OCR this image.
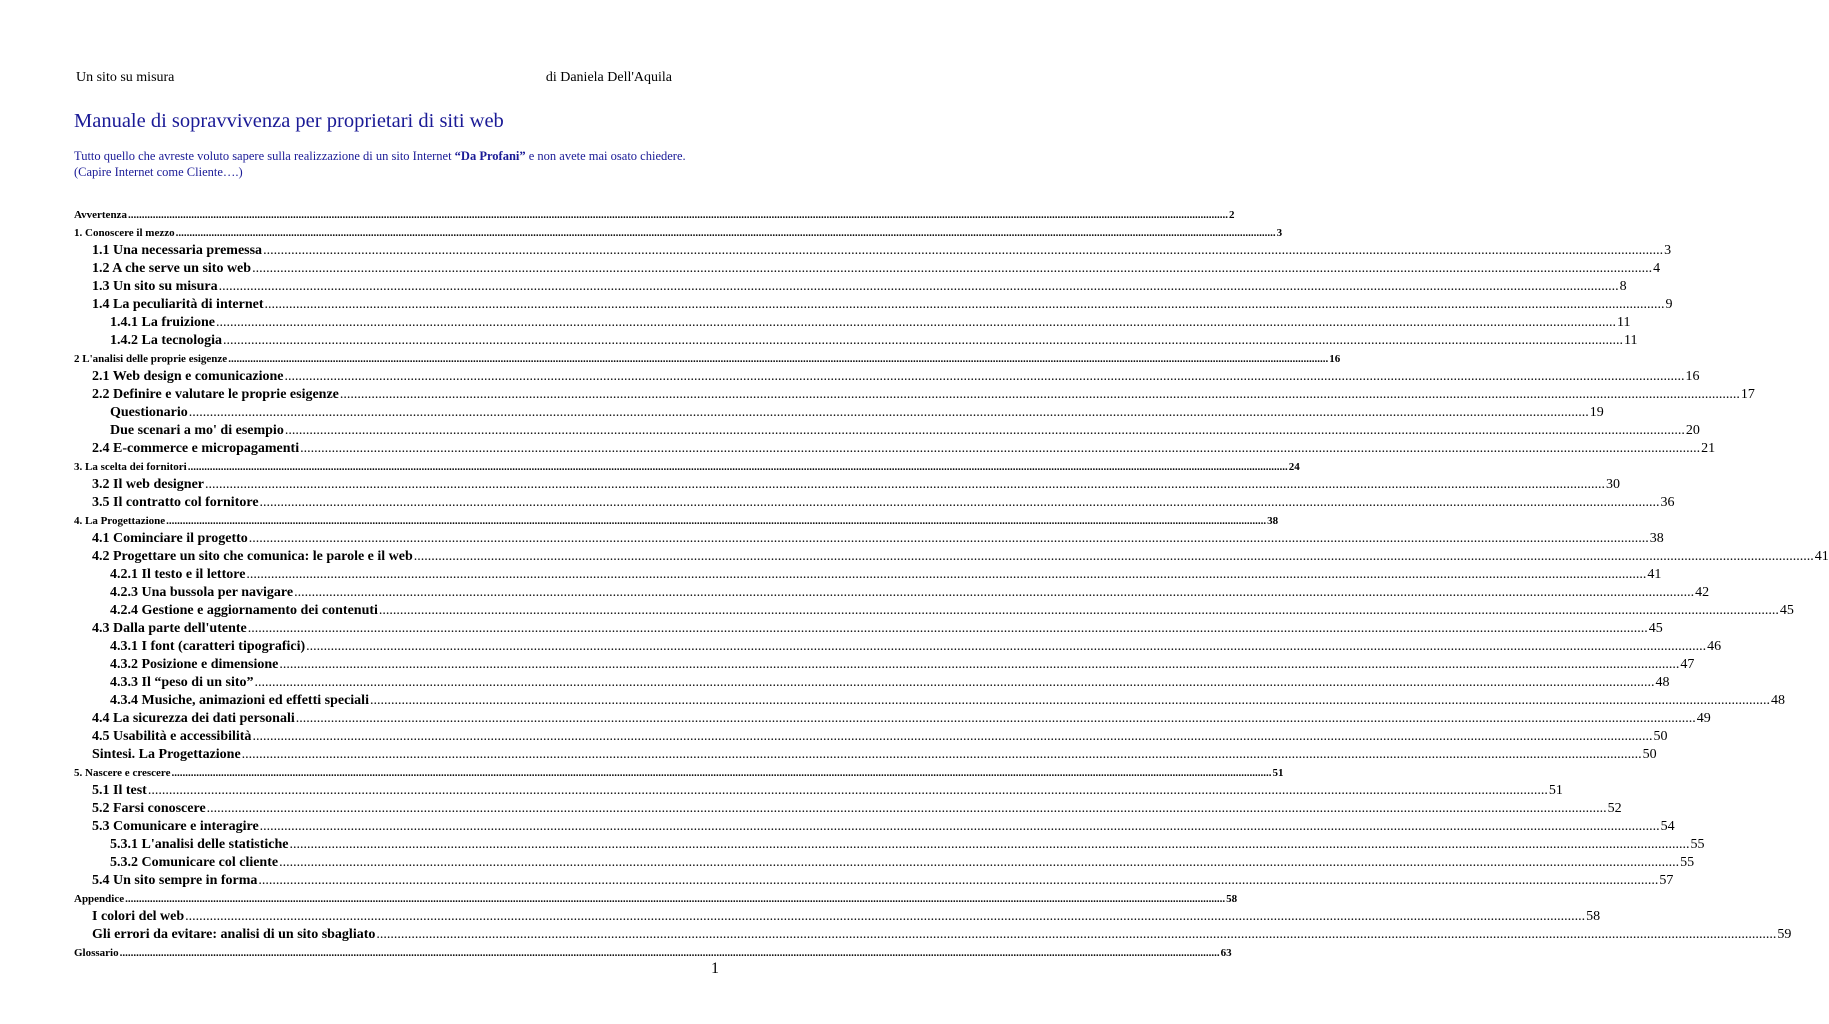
Un sito su misura	di Daniela Dell'Aquila
Manuale di sopravvivenza per proprietari di siti web
Tutto quello che avreste voluto sapere sulla realizzazione di un sito Internet “Da Profani” e non avete mai osato chiedere.
(Capire Internet come Cliente….)
Avvertenza ................................................................................................................................................................................................................................................................................................................................................................................................................ 2
1. Conoscere il mezzo ................................................................................................................................................................................................................................................................................................................................................................................................................ 3
1.1 Una necessaria premessa ................................................................................................................................................................................................................................................................................................................................................................................................................ 3
1.2 A che serve un sito web ................................................................................................................................................................................................................................................................................................................................................................................................................ 4
1.3 Un sito su misura ................................................................................................................................................................................................................................................................................................................................................................................................................ 8
1.4 La peculiarità di internet ................................................................................................................................................................................................................................................................................................................................................................................................................ 9
1.4.1 La fruizione ................................................................................................................................................................................................................................................................................................................................................................................................................ 11
1.4.2 La tecnologia ................................................................................................................................................................................................................................................................................................................................................................................................................ 11
2 L'analisi delle proprie esigenze ................................................................................................................................................................................................................................................................................................................................................................................................................ 16
2.1 Web design e comunicazione ................................................................................................................................................................................................................................................................................................................................................................................................................ 16
2.2 Definire e valutare le proprie esigenze ................................................................................................................................................................................................................................................................................................................................................................................................................ 17
Questionario ................................................................................................................................................................................................................................................................................................................................................................................................................ 19
Due scenari a mo' di esempio ................................................................................................................................................................................................................................................................................................................................................................................................................ 20
2.4 E-commerce e micropagamenti ................................................................................................................................................................................................................................................................................................................................................................................................................ 21
3. La scelta dei fornitori ................................................................................................................................................................................................................................................................................................................................................................................................................ 24
3.2 Il web designer ................................................................................................................................................................................................................................................................................................................................................................................................................ 30
3.5 Il contratto col fornitore ................................................................................................................................................................................................................................................................................................................................................................................................................ 36
4. La Progettazione ................................................................................................................................................................................................................................................................................................................................................................................................................ 38
4.1 Cominciare il progetto ................................................................................................................................................................................................................................................................................................................................................................................................................ 38
4.2 Progettare un sito che comunica: le parole e il web ................................................................................................................................................................................................................................................................................................................................................................................................................ 41
4.2.1 Il testo e il lettore ................................................................................................................................................................................................................................................................................................................................................................................................................ 41
4.2.3 Una bussola per navigare ................................................................................................................................................................................................................................................................................................................................................................................................................ 42
4.2.4 Gestione e aggiornamento dei contenuti ................................................................................................................................................................................................................................................................................................................................................................................................................ 45
4.3 Dalla parte dell'utente ................................................................................................................................................................................................................................................................................................................................................................................................................ 45
4.3.1 I font (caratteri tipografici) ................................................................................................................................................................................................................................................................................................................................................................................................................ 46
4.3.2 Posizione e dimensione ................................................................................................................................................................................................................................................................................................................................................................................................................ 47
4.3.3 Il “peso di un sito” ................................................................................................................................................................................................................................................................................................................................................................................................................ 48
4.3.4 Musiche, animazioni ed effetti speciali ................................................................................................................................................................................................................................................................................................................................................................................................................ 48
4.4 La sicurezza dei dati personali ................................................................................................................................................................................................................................................................................................................................................................................................................ 49
4.5 Usabilità e accessibilità ................................................................................................................................................................................................................................................................................................................................................................................................................ 50
Sintesi. La Progettazione ................................................................................................................................................................................................................................................................................................................................................................................................................ 50
5. Nascere e crescere ................................................................................................................................................................................................................................................................................................................................................................................................................ 51
5.1 Il test ................................................................................................................................................................................................................................................................................................................................................................................................................ 51
5.2 Farsi conoscere ................................................................................................................................................................................................................................................................................................................................................................................................................ 52
5.3 Comunicare e interagire ................................................................................................................................................................................................................................................................................................................................................................................................................ 54
5.3.1 L'analisi delle statistiche ................................................................................................................................................................................................................................................................................................................................................................................................................ 55
5.3.2 Comunicare col cliente ................................................................................................................................................................................................................................................................................................................................................................................................................ 55
5.4 Un sito sempre in forma ................................................................................................................................................................................................................................................................................................................................................................................................................ 57
Appendice ................................................................................................................................................................................................................................................................................................................................................................................................................ 58
I colori del web ................................................................................................................................................................................................................................................................................................................................................................................................................ 58
Gli errori da evitare: analisi di un sito sbagliato ................................................................................................................................................................................................................................................................................................................................................................................................................ 59
Glossario ................................................................................................................................................................................................................................................................................................................................................................................................................ 63
1
